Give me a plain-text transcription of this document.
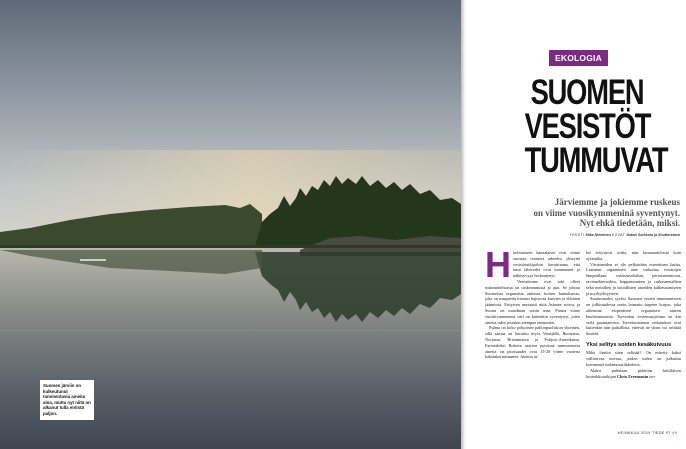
Suomen järviin on kulkeutunut tummentavia aineita aina, mutta nyt niitä on alkanut tulla entistä paljon.
EKOLOGIA
SUOMEN
VESISTÖT
TUMMUVAT
Järviemme ja jokiemme ruskeus
on viime vuosikymmeninä syventynyt.
Nyt ehkä tiedetään, miksi.
TEKSTI Mika Nieminen KUVAT Sakari Sarkkola ja Shutterstock

Huolestuneet kansalaiset ovat viime vuosina ottaneet aiheeksi yhteyttä vesistötutkijoihin havaittuaan, että tutut lähivedet ovat tummuneet ja näkösyvyys heikentynyt.

Vesistömme ovat toki olleet ruskeanheltaisia tai ruskeammistä jo ajat. Se johtuu Suomeista orgaanista aineista, koisen humuksesta, joka on maaperän hitaasti hajoavaa kasvien ja eläinten jäännöstä. Erityisen runsaasti niitä lisäntee soissa, ja Suomi on maailman soisin maa. Parina viime vuosikymmenenä väri on kuitenkin syventynyt, joten aineita tulee jostakin aiempaa enemmän.

Pulma on koko pohjoisen pallonpuoliskon yhteinen, sillä samaa on havaittu myös Venäjällä, Ruotsissa, Norjassa, Britanniassa ja Pohjois-Amerikassa. Esimerkiksi Brittein saarten puroissa tummentavia aineita on pitoisuudet ovat 15-20 viime vuotena kaksinkertaistuneet. Aineita tu-

lee erityisesti soilta, niin luonnontiloista kuin ojitetuilta.

Väriaineiden ei ole pelkästään esteettinen haitta. Liuennut orgaaninen aine vaikuttaa vesistöjen lämpötilaan, valaistusoloihin, perustuotantoon, ravinnekiertoihin, happamuuteen ja raskasmetallien sekä metallien ja haitallisten aineiden kulkeutumiseen ja myrkyllisyyteen.

Suurimmaksi syyksi Suomen vesien tummumiseen on julkisuudessa usein leimattu turpeen korjuu, joka aiheuttaa eloperäisen orgaanisen aineen huuhtoutumista. Turvealan vesiensuojeluna on kin vielä parantamista. Turvetuotannon vaikutukset ovat kuitenkin niin paikallisia, etteivät ne yksin voi selittää ilmiötä.

Yksi selitys soiden kesäkuivuus

Mikä ilmiön siten selittää? On esitetty kaksi vallitsevaa teoriaa, joiden tueksi on julkaistu kymmeniä tutkimusartikkeleita.

Alaksi puhutaan pidettiin brittiläisen kosteikkotutkijan Chris Freemanin teo-

HEINÄKUU 2019 TIEDE 07 49
